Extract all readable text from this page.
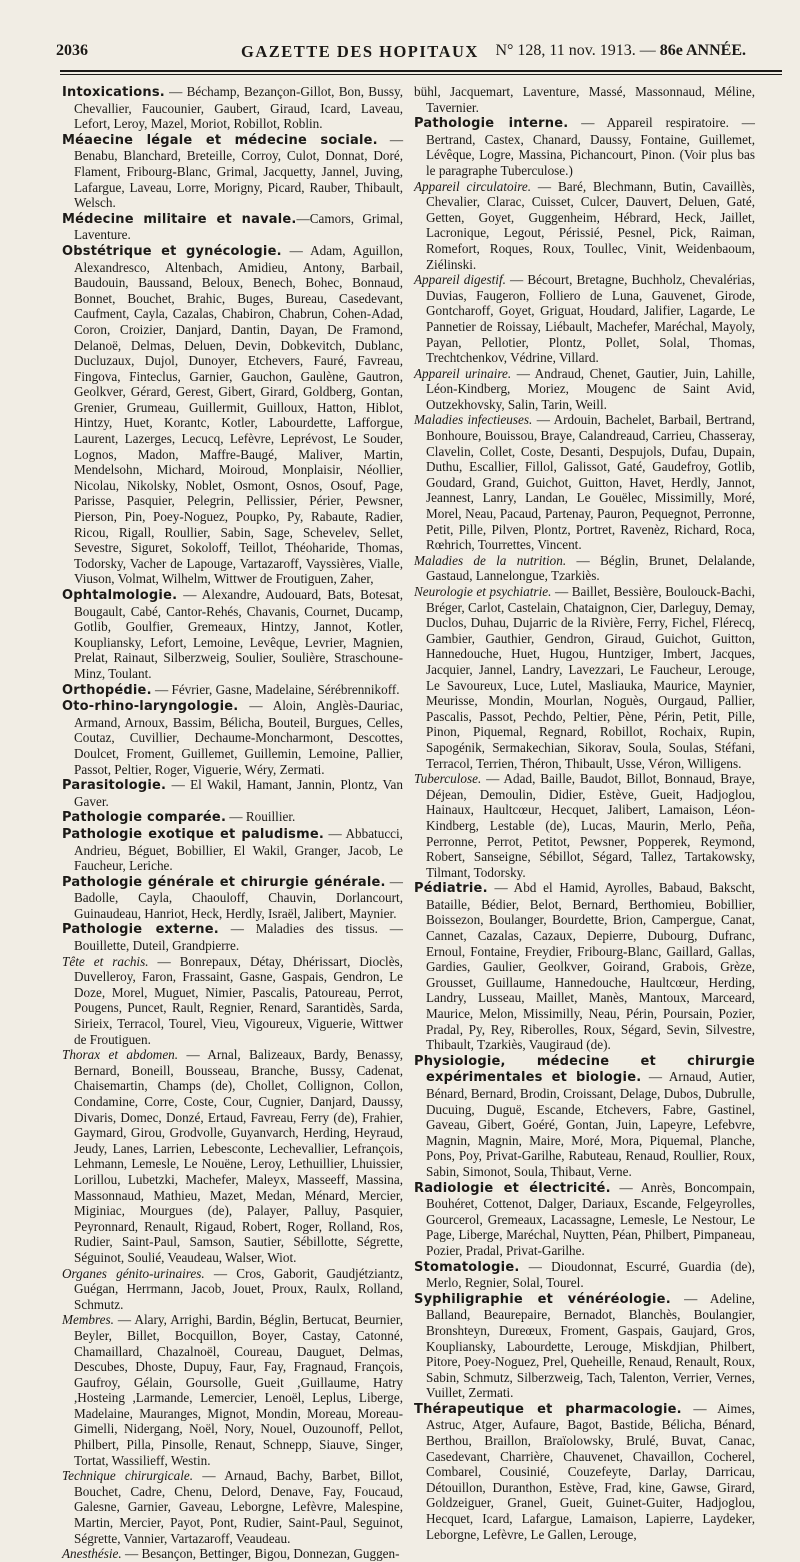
2036	GAZETTE DES HOPITAUX N° 128, 11 nov. 1913. — 86e ANNÉE.

Intoxications. — Béchamp, Bezançon-Gillot, Bon, Bussy, Chevallier, Faucounier, Gaubert, Giraud, Icard, Laveau, Lefort, Leroy, Mazel, Moriot, Robillot, Roblin.

Méaecine légale et médecine sociale. — Benabu, Blanchard, Breteille, Corroy, Culot, Donnat, Doré, Flament, Fribourg-Blanc, Grimal, Jacquetty, Jannel, Juving, Lafargue, Laveau, Lorre, Morigny, Picard, Rauber, Thibault, Welsch.

Médecine militaire et navale.—Camors, Grimal, Laventure.

Obstétrique et gynécologie. — Adam, Aguillon, Alexandresco, Altenbach, Amidieu, Antony, Barbail, Baudouin, Baussand, Beloux, Benech, Bohec, Bonnaud, Bonnet, Bouchet, Brahic, Buges, Bureau, Casedevant, Caufment, Cayla, Cazalas, Chabiron, Chabrun, Cohen-Adad, Coron, Croizier, Danjard, Dantin, Dayan, De Framond, Delanoë, Delmas, Deluen, Devin, Dobkevitch, Dublanc, Ducluzaux, Dujol, Dunoyer, Etchevers, Fauré, Favreau, Fingova, Finteclus, Garnier, Gauchon, Gaulène, Gautron, Geolkver, Gérard, Gerest, Gibert, Girard, Goldberg, Gontan, Grenier, Grumeau, Guillermit, Guilloux, Hatton, Hiblot, Hintzy, Huet, Korantc, Kotler, Labourdette, Lafforgue, Laurent, Lazerges, Lecucq, Lefèvre, Leprévost, Le Souder, Lognos, Madon, Maffre-Baugé, Maliver, Martin, Mendelsohn, Michard, Moiroud, Monplaisir, Néollier, Nicolau, Nikolsky, Noblet, Osmont, Osnos, Osouf, Page, Parisse, Pasquier, Pelegrin, Pellissier, Périer, Pewsner, Pierson, Pin, Poey-Noguez, Poupko, Py, Rabaute, Radier, Ricou, Rigall, Roullier, Sabin, Sage, Schevelev, Sellet, Sevestre, Siguret, Sokoloff, Teillot, Théoharide, Thomas, Todorsky, Vacher de Lapouge, Vartazaroff, Vayssières, Vialle, Viuson, Volmat, Wilhelm, Wittwer de Froutiguen, Zaher,

Ophtalmologie. — Alexandre, Audouard, Bats, Botesat, Bougault, Cabé, Cantor-Rehés, Chavanis, Cournet, Ducamp, Gotlib, Goulfier, Gremeaux, Hintzy, Jannot, Kotler, Koupliansky, Lefort, Lemoine, Levêque, Levrier, Magnien, Prelat, Rainaut, Silberzweig, Soulier, Soulière, Straschoune-Minz, Toulant.

Orthopédie. — Février, Gasne, Madelaine, Sérébrennikoff.

Oto-rhino-laryngologie. — Aloin, Anglès-Dauriac, Armand, Arnoux, Bassim, Bélicha, Bouteil, Burgues, Celles, Coutaz, Cuvillier, Dechaume-Moncharmont, Descottes, Doulcet, Froment, Guillemet, Guillemin, Lemoine, Pallier, Passot, Peltier, Roger, Viguerie, Wéry, Zermati.

Parasitologie. — El Wakil, Hamant, Jannin, Plontz, Van Gaver.

Pathologie comparée. — Rouillier.

Pathologie exotique et paludisme. — Abbatucci, Andrieu, Béguet, Bobillier, El Wakil, Granger, Jacob, Le Faucheur, Leriche.

Pathologie générale et chirurgie générale. — Badolle, Cayla, Chaouloff, Chauvin, Dorlancourt, Guinaudeau, Hanriot, Heck, Herdly, Israël, Jalibert, Maynier.

Pathologie externe. — Maladies des tissus. — Bouillette, Duteil, Grandpierre.

Tête et rachis. — Bonrepaux, Détay, Dhérissart, Dioclès, Duvelleroy, Faron, Frassaint, Gasne, Gaspais, Gendron, Le Doze, Morel, Muguet, Nimier, Pascalis, Patoureau, Perrot, Pougens, Puncet, Rault, Regnier, Renard, Sarantidès, Sarda, Sirieix, Terracol, Tourel, Vieu, Vigoureux, Viguerie, Wittwer de Froutiguen.

Thorax et abdomen. — Arnal, Balizeaux, Bardy, Benassy, Bernard, Boneill, Bousseau, Branche, Bussy, Cadenat, Chaisemartin, Champs (de), Chollet, Collignon, Collon, Condamine, Corre, Coste, Cour, Cugnier, Danjard, Daussy, Divaris, Domec, Donzé, Ertaud, Favreau, Ferry (de), Frahier, Gaymard, Girou, Grodvolle, Guyanvarch, Herding, Heyraud, Jeudy, Lanes, Larrien, Lebesconte, Lechevallier, Lefrançois, Lehmann, Lemesle, Le Nouëne, Leroy, Lethuillier, Lhuissier, Lorillou, Lubetzki, Machefer, Maleyx, Masseeff, Massina, Massonnaud, Mathieu, Mazet, Medan, Ménard, Mercier, Miginiac, Mourgues (de), Palayer, Palluy, Pasquier, Peyronnard, Renault, Rigaud, Robert, Roger, Rolland, Ros, Rudier, Saint-Paul, Samson, Sautier, Sébillotte, Ségrette, Séguinot, Soulié, Veaudeau, Walser, Wiot.

Organes génito-urinaires. — Cros, Gaborit, Gaudjétziantz, Guégan, Herrmann, Jacob, Jouet, Proux, Raulx, Rolland, Schmutz.

Membres. — Alary, Arrighi, Bardin, Béglin, Bertucat, Beurnier, Beyler, Billet, Bocquillon, Boyer, Castay, Catonné, Chamaillard, Chazalnoël, Coureau, Dauguet, Delmas, Descubes, Dhoste, Dupuy, Faur, Fay, Fragnaud, François, Gaufroy, Gélain, Goursolle, Gueit ,Guillaume, Hatry ,Hosteing ,Larmande, Lemercier, Lenoël, Leplus, Liberge, Madelaine, Mauranges, Mignot, Mondin, Moreau, Moreau-Gimelli, Nidergang, Noël, Nory, Nouel, Ouzounoff, Pellot, Philbert, Pilla, Pinsolle, Renaut, Schnepp, Siauve, Singer, Tortat, Wassilieff, Westin.

Technique chirurgicale. — Arnaud, Bachy, Barbet, Billot, Bouchet, Cadre, Chenu, Delord, Denave, Fay, Foucaud, Galesne, Garnier, Gaveau, Leborgne, Lefèvre, Malespine, Martin, Mercier, Payot, Pont, Rudier, Saint-Paul, Seguinot, Ségrette, Vannier, Vartazaroff, Veaudeau.

Anesthésie. — Besançon, Bettinger, Bigou, Donnezan, Guggen-

bühl, Jacquemart, Laventure, Massé, Massonnaud, Méline, Tavernier.

Pathologie interne. — Appareil respiratoire. — Bertrand, Castex, Chanard, Daussy, Fontaine, Guillemet, Lévêque, Logre, Massina, Pichancourt, Pinon. (Voir plus bas le paragraphe Tuberculose.)

Appareil circulatoire. — Baré, Blechmann, Butin, Cavaillès, Chevalier, Clarac, Cuisset, Culcer, Dauvert, Deluen, Gaté, Getten, Goyet, Guggenheim, Hébrard, Heck, Jaillet, Lacronique, Legout, Périssié, Pesnel, Pick, Raiman, Romefort, Roques, Roux, Toullec, Vinit, Weidenbaoum, Ziélinski.

Appareil digestif. — Bécourt, Bretagne, Buchholz, Chevalérias, Duvias, Faugeron, Folliero de Luna, Gauvenet, Girode, Gontcharoff, Goyet, Griguat, Houdard, Jalifier, Lagarde, Le Pannetier de Roissay, Liébault, Machefer, Maréchal, Mayoly, Payan, Pellotier, Plontz, Pollet, Solal, Thomas, Trechtchenkov, Védrine, Villard.

Appareil urinaire. — Andraud, Chenet, Gautier, Juin, Lahille, Léon-Kindberg, Moriez, Mougenc de Saint Avid, Outzekhovsky, Salin, Tarin, Weill.

Maladies infectieuses. — Ardouin, Bachelet, Barbail, Bertrand, Bonhoure, Bouissou, Braye, Calandreaud, Carrieu, Chasseray, Clavelin, Collet, Coste, Desanti, Despujols, Dufau, Dupain, Duthu, Escallier, Fillol, Galissot, Gaté, Gaudefroy, Gotlib, Goudard, Grand, Guichot, Guitton, Havet, Herdly, Jannot, Jeannest, Lanry, Landan, Le Gouëlec, Missimilly, Moré, Morel, Neau, Pacaud, Partenay, Pauron, Pequegnot, Perronne, Petit, Pille, Pilven, Plontz, Portret, Ravenèz, Richard, Roca, Rœhrich, Tourrettes, Vincent.

Maladies de la nutrition. — Béglin, Brunet, Delalande, Gastaud, Lannelongue, Tzarkiès.

Neurologie et psychiatrie. — Baillet, Bessière, Boulouck-Bachi, Bréger, Carlot, Castelain, Chataignon, Cier, Darleguy, Demay, Duclos, Duhau, Dujarric de la Rivière, Ferry, Fichel, Flérecq, Gambier, Gauthier, Gendron, Giraud, Guichot, Guitton, Hannedouche, Huet, Hugou, Huntziger, Imbert, Jacques, Jacquier, Jannel, Landry, Lavezzari, Le Faucheur, Lerouge, Le Savoureux, Luce, Lutel, Masliauka, Maurice, Maynier, Meurisse, Mondin, Mourlan, Noguès, Ourgaud, Pallier, Pascalis, Passot, Pechdo, Peltier, Pène, Périn, Petit, Pille, Pinon, Piquemal, Regnard, Robillot, Rochaix, Rupin, Sapogénik, Sermakechian, Sikorav, Soula, Soulas, Stéfani, Terracol, Terrien, Théron, Thibault, Usse, Véron, Willigens.

Tuberculose. — Adad, Baille, Baudot, Billot, Bonnaud, Braye, Déjean, Demoulin, Didier, Estève, Gueit, Hadjoglou, Hainaux, Haultcœur, Hecquet, Jalibert, Lamaison, Léon-Kindberg, Lestable (de), Lucas, Maurin, Merlo, Peña, Perronne, Perrot, Petitot, Pewsner, Popperek, Reymond, Robert, Sanseigne, Sébillot, Ségard, Tallez, Tartakowsky, Tilmant, Todorsky.

Pédiatrie. — Abd el Hamid, Ayrolles, Babaud, Bakscht, Bataille, Bédier, Belot, Bernard, Berthomieu, Bobillier, Boissezon, Boulanger, Bourdette, Brion, Campergue, Canat, Cannet, Cazalas, Cazaux, Depierre, Dubourg, Dufranc, Ernoul, Fontaine, Freydier, Fribourg-Blanc, Gaillard, Gallas, Gardies, Gaulier, Geolkver, Goirand, Grabois, Grèze, Grousset, Guillaume, Hannedouche, Haultcœur, Herding, Landry, Lusseau, Maillet, Manès, Mantoux, Marceard, Maurice, Melon, Missimilly, Neau, Périn, Poursain, Pozier, Pradal, Py, Rey, Riberolles, Roux, Ségard, Sevin, Silvestre, Thibault, Tzarkiès, Vaugiraud (de).

Physiologie, médecine et chirurgie expérimentales et biologie. — Arnaud, Autier, Bénard, Bernard, Brodin, Croissant, Delage, Dubos, Dubrulle, Ducuing, Duguë, Escande, Etchevers, Fabre, Gastinel, Gaveau, Gibert, Goéré, Gontan, Juin, Lapeyre, Lefebvre, Magnin, Magnin, Maire, Moré, Mora, Piquemal, Planche, Pons, Poy, Privat-Garilhe, Rabuteau, Renaud, Roullier, Roux, Sabin, Simonot, Soula, Thibaut, Verne.

Radiologie et électricité. — Anrès, Boncompain, Bouhéret, Cottenot, Dalger, Dariaux, Escande, Felgeyrolles, Gourcerol, Gremeaux, Lacassagne, Lemesle, Le Nestour, Le Page, Liberge, Maréchal, Nuytten, Péan, Philbert, Pimpaneau, Pozier, Pradal, Privat-Garilhe.

Stomatologie. — Dioudonnat, Escurré, Guardia (de), Merlo, Regnier, Solal, Tourel.

Syphiligraphie et vénéréologie. — Adeline, Balland, Beaurepaire, Bernadot, Blanchès, Boulangier, Bronshteyn, Dureœux, Froment, Gaspais, Gaujard, Gros, Koupliansky, Labourdette, Lerouge, Miskdjian, Philbert, Pitore, Poey-Noguez, Prel, Queheille, Renaud, Renault, Roux, Sabin, Schmutz, Silberzweig, Tach, Talenton, Verrier, Vernes, Vuillet, Zermati.

Thérapeutique et pharmacologie. — Aimes, Astruc, Atger, Aufaure, Bagot, Bastide, Bélicha, Bénard, Berthou, Braillon, Braïolowsky, Brulé, Buvat, Canac, Casedevant, Charrière, Chauvenet, Chavaillon, Cocherel, Combarel, Cousinié, Couzefeyte, Darlay, Darricau, Détouillon, Duranthon, Estève, Frad, kine, Gawse, Girard, Goldzeiguer, Granel, Gueit, Guinet-Guiter, Hadjoglou, Hecquet, Icard, Lafargue, Lamaison, Lapierre, Laydeker, Leborgne, Lefèvre, Le Gallen, Lerouge,
